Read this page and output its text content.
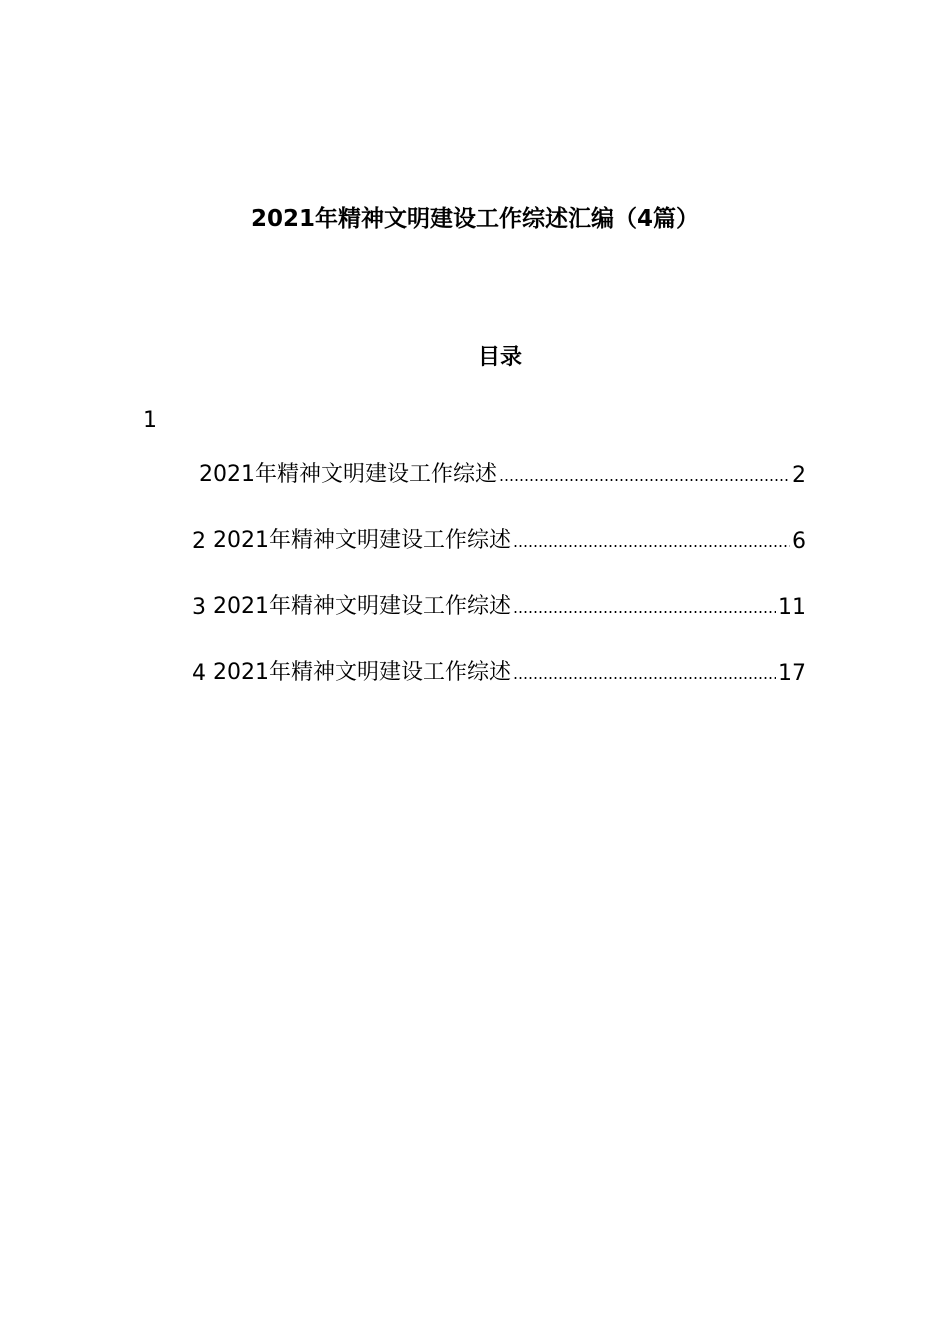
2021年精神文明建设工作综述汇编（4篇）
目录
1
2021年精神文明建设工作综述	2
2 2021年精神文明建设工作综述	6
3 2021年精神文明建设工作综述	11
4 2021年精神文明建设工作综述	17
